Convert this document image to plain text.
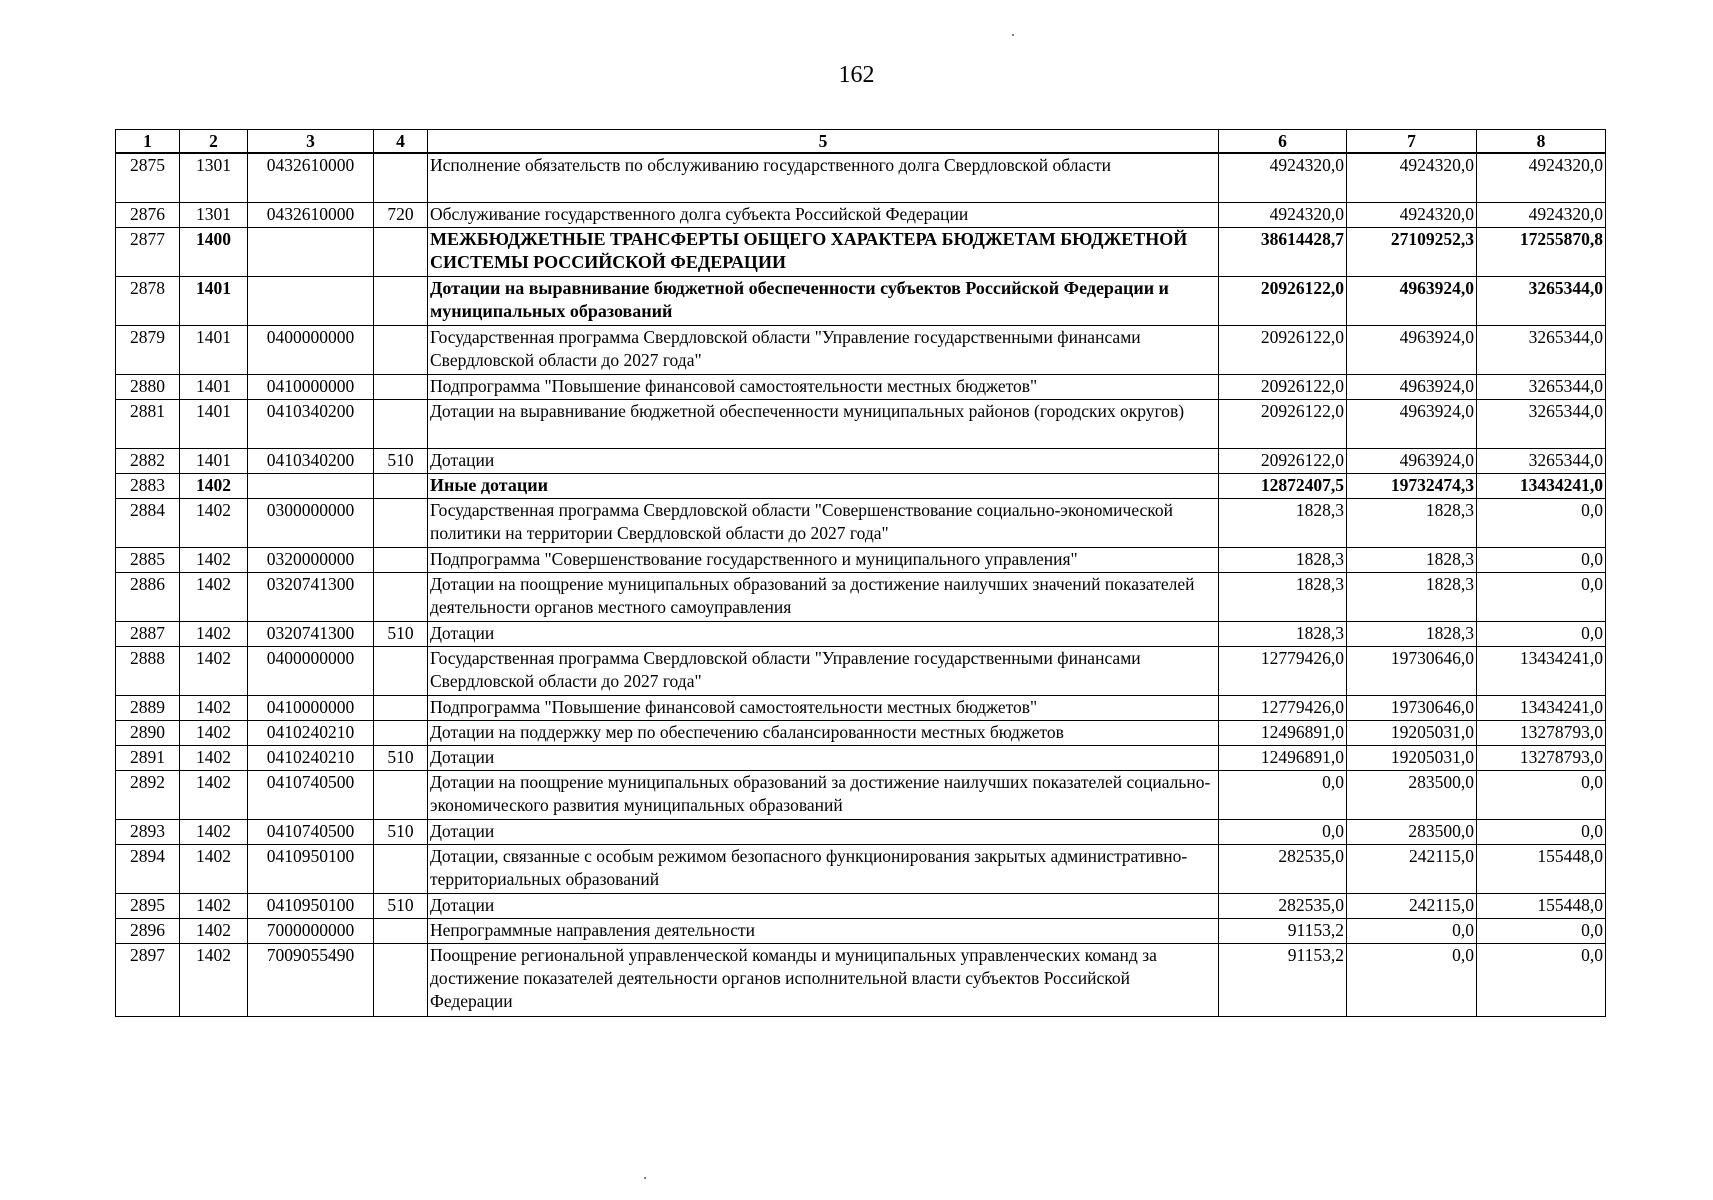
162
1	2	3	4	5	6	7	8
2875	1301	0432610000		Исполнение обязательств по обслуживанию государственного долга Свердловской области	4924320,0	4924320,0	4924320,0
2876	1301	0432610000	720	Обслуживание государственного долга субъекта Российской Федерации	4924320,0	4924320,0	4924320,0
2877	1400			МЕЖБЮДЖЕТНЫЕ ТРАНСФЕРТЫ ОБЩЕГО ХАРАКТЕРА БЮДЖЕТАМ БЮДЖЕТНОЙ СИСТЕМЫ РОССИЙСКОЙ ФЕДЕРАЦИИ	38614428,7	27109252,3	17255870,8
2878	1401			Дотации на выравнивание бюджетной обеспеченности субъектов Российской Федерации и муниципальных образований	20926122,0	4963924,0	3265344,0
2879	1401	0400000000		Государственная программа Свердловской области "Управление государственными финансами Свердловской области до 2027 года"	20926122,0	4963924,0	3265344,0
2880	1401	0410000000		Подпрограмма "Повышение финансовой самостоятельности местных бюджетов"	20926122,0	4963924,0	3265344,0
2881	1401	0410340200		Дотации на выравнивание бюджетной обеспеченности муниципальных районов (городских округов)	20926122,0	4963924,0	3265344,0
2882	1401	0410340200	510	Дотации	20926122,0	4963924,0	3265344,0
2883	1402			Иные дотации	12872407,5	19732474,3	13434241,0
2884	1402	0300000000		Государственная программа Свердловской области "Совершенствование социально-экономической политики на территории Свердловской области до 2027 года"	1828,3	1828,3	0,0
2885	1402	0320000000		Подпрограмма "Совершенствование государственного и муниципального управления"	1828,3	1828,3	0,0
2886	1402	0320741300		Дотации на поощрение муниципальных образований за достижение наилучших значений показателей деятельности органов местного самоуправления	1828,3	1828,3	0,0
2887	1402	0320741300	510	Дотации	1828,3	1828,3	0,0
2888	1402	0400000000		Государственная программа Свердловской области "Управление государственными финансами Свердловской области до 2027 года"	12779426,0	19730646,0	13434241,0
2889	1402	0410000000		Подпрограмма "Повышение финансовой самостоятельности местных бюджетов"	12779426,0	19730646,0	13434241,0
2890	1402	0410240210		Дотации на поддержку мер по обеспечению сбалансированности местных бюджетов	12496891,0	19205031,0	13278793,0
2891	1402	0410240210	510	Дотации	12496891,0	19205031,0	13278793,0
2892	1402	0410740500		Дотации на поощрение муниципальных образований за достижение наилучших показателей социально-экономического развития муниципальных образований	0,0	283500,0	0,0
2893	1402	0410740500	510	Дотации	0,0	283500,0	0,0
2894	1402	0410950100		Дотации, связанные с особым режимом безопасного функционирования закрытых административно-территориальных образований	282535,0	242115,0	155448,0
2895	1402	0410950100	510	Дотации	282535,0	242115,0	155448,0
2896	1402	7000000000		Непрограммные направления деятельности	91153,2	0,0	0,0
2897	1402	7009055490		Поощрение региональной управленческой команды и муниципальных управленческих команд за достижение показателей деятельности органов исполнительной власти субъектов Российской Федерации	91153,2	0,0	0,0
